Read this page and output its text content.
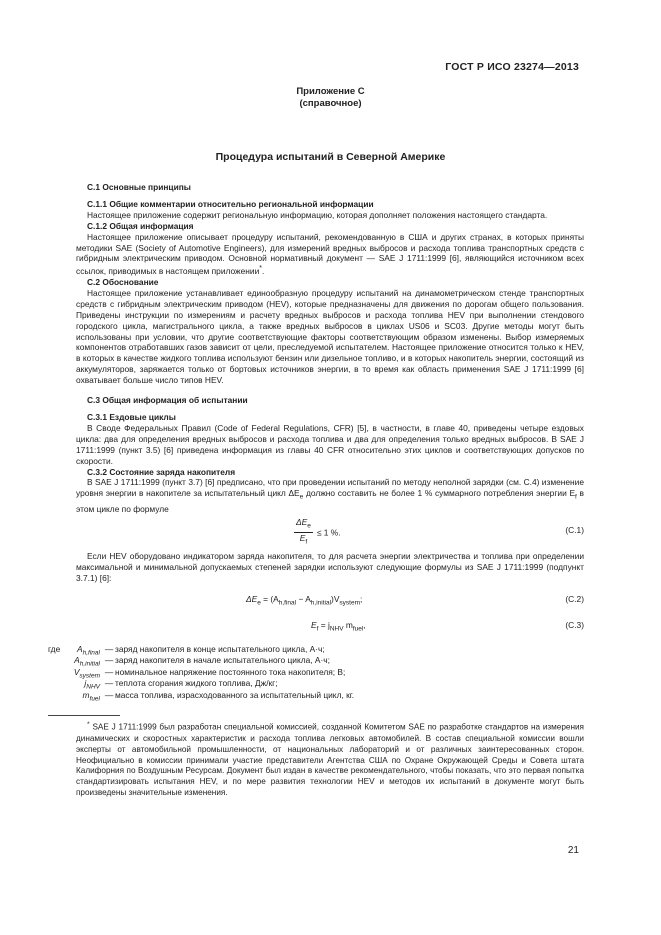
ГОСТ Р ИСО 23274—2013
Приложение С
(справочное)
Процедура испытаний в Северной Америке

С.1 Основные принципы

С.1.1 Общие комментарии относительно региональной информации

Настоящее приложение содержит региональную информацию, которая дополняет положения настоящего стандарта.

С.1.2 Общая информация

Настоящее приложение описывает процедуру испытаний, рекомендованную в США и других странах, в которых приняты методики SAE (Society of Automotive Engineers), для измерений вредных выбросов и расхода топлива транспортных средств с гибридным электрическим приводом. Основной нормативный документ — SAE J 1711:1999 [6], являющийся источником всех ссылок, приводимых в настоящем приложении*.

С.2 Обоснование

Настоящее приложение устанавливает единообразную процедуру испытаний на динамометрическом стенде транспортных средств с гибридным электрическим приводом (HEV), которые предназначены для движения по дорогам общего пользования. Приведены инструкции по измерениям и расчету вредных выбросов и расхода топлива HEV при выполнении стендового городского цикла, магистрального цикла, а также вредных выбросов в циклах US06 и SC03. Другие методы могут быть использованы при условии, что другие соответствующие факторы соответствующим образом изменены. Выбор измеряемых компонентов отработавших газов зависит от цели, преследуемой испытателем. Настоящее приложение относится только к HEV, в которых в качестве жидкого топлива используют бензин или дизельное топливо, и в которых накопитель энергии, состоящий из аккумуляторов, заряжается только от бортовых источников энергии, в то время как область применения SAE J 1711:1999 [6] охватывает больше число типов HEV.

С.3 Общая информация об испытании

С.3.1 Ездовые циклы

В Своде Федеральных Правил (Code of Federal Regulations, CFR) [5], в частности, в главе 40, приведены четыре ездовых цикла: два для определения вредных выбросов и расхода топлива и два для определения только вредных выбросов. В SAE J 1711:1999 (пункт 3.5) [6] приведена информация из главы 40 CFR относительно этих циклов и соответствующих допусков по скорости.

С.3.2 Состояние заряда накопителя

В SAE J 1711:1999 (пункт 3.7) [6] предписано, что при проведении испытаний по методу неполной зарядки (см. С.4) изменение уровня энергии в накопителе за испытательный цикл $\Delta E_e$ должно составить не более 1 % суммарного потребления энергии $E_f$ в этом цикле по формуле

$\frac{\Delta E_e}{E_f} \le 1$ %.	(С.1)

Если HEV оборудовано индикатором заряда накопителя, то для расчета энергии электричества и топлива при определении максимальной и минимальной допускаемых степеней зарядки используют следующие формулы из SAE J 1711:1999 (подпункт 3.7.1) [6]:

$\Delta E_e = (A_{h,final} - A_{h,initial})V_{system}$;	(С.2)
$E_f = j_{NHV}$ $m_{fuel}$,	(С.3)
где $A_{h,final}$ — заряд накопителя в конце испытательного цикла, А·ч;
$A_{h,initial}$ — заряд накопителя в начале испытательного цикла, А·ч;
$V_{system}$ — номинальное напряжение постоянного тока накопителя; В;
$j_{NHV}$ — теплота сгорания жидкого топлива, Дж/кг;
$m_{fuel}$ — масса топлива, израсходованного за испытательный цикл, кг.

* SAE J 1711:1999 был разработан специальной комиссией, созданной Комитетом SAE по разработке стандартов на измерения динамических и скоростных характеристик и расхода топлива легковых автомобилей. В состав специальной комиссии вошли эксперты от автомобильной промышленности, от национальных лабораторий и от различных заинтересованных сторон. Неофициально в комиссии принимали участие представители Агентства США по Охране Окружающей Среды и Совета штата Калифорния по Воздушным Ресурсам. Документ был издан в качестве рекомендательного, чтобы показать, что это первая попытка стандартизировать испытания HEV, и по мере развития технологии HEV и методов их испытаний в документе могут быть произведены значительные изменения.

21
